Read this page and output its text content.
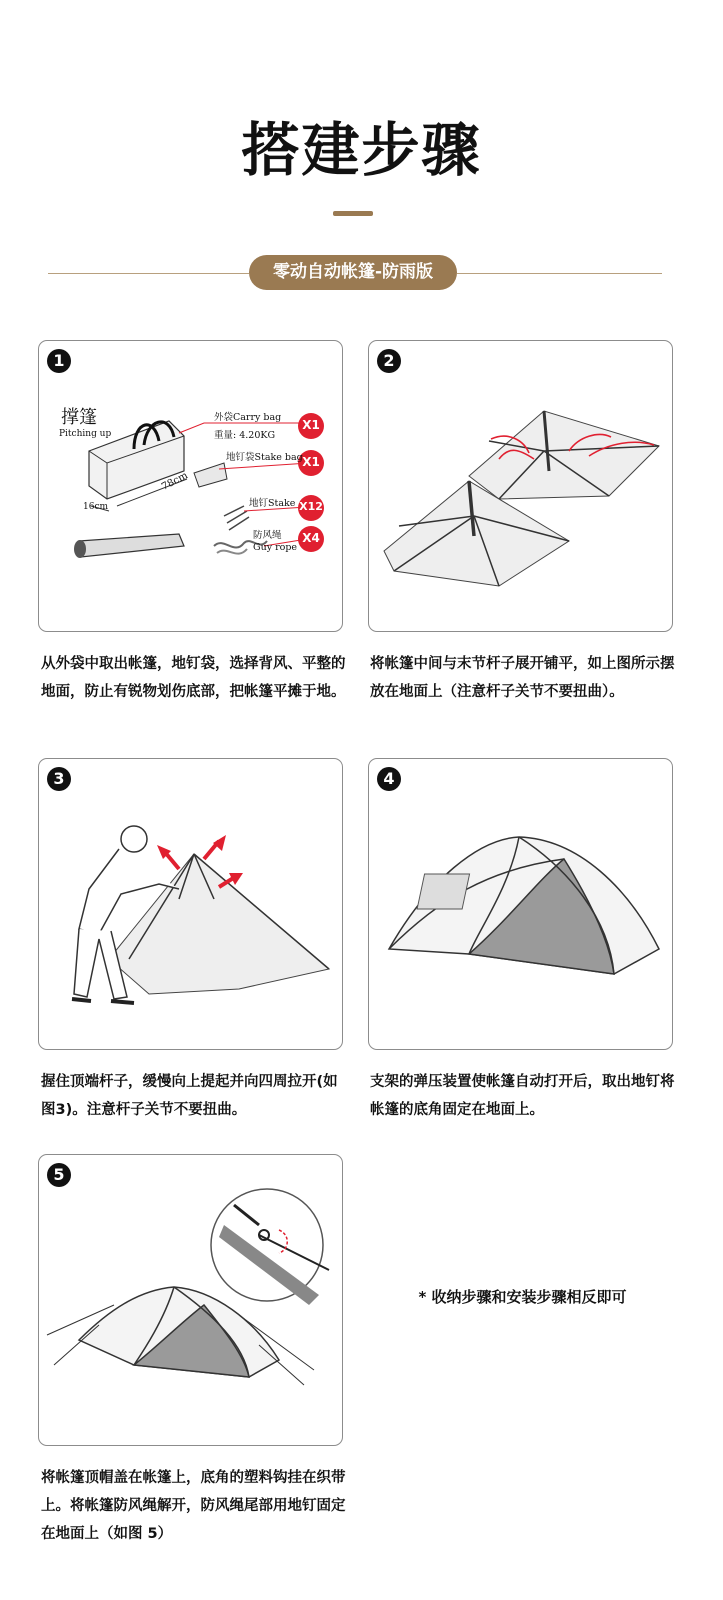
搭建步骤
零动自动帐篷-防雨版
1
撑篷
Pitching up
78cm
16cm
外袋Carry bag
重量: 4.20KG
地钉袋Stake bag
地钉Stake
防风绳
Guy rope
X1
X1
X12
X4
从外袋中取出帐篷，地钉袋，选择背风、平整的地面，防止有锐物划伤底部，把帐篷平摊于地。
2
将帐篷中间与末节杆子展开铺平，如上图所示摆放在地面上（注意杆子关节不要扭曲）。
3
握住顶端杆子，缓慢向上提起并向四周拉开(如图3)。注意杆子关节不要扭曲。
4
支架的弹压装置使帐篷自动打开后，取出地钉将帐篷的底角固定在地面上。
5
将帐篷顶帽盖在帐篷上，底角的塑料钩挂在织带上。将帐篷防风绳解开，防风绳尾部用地钉固定在地面上（如图 5）
* 收纳步骤和安装步骤相反即可
